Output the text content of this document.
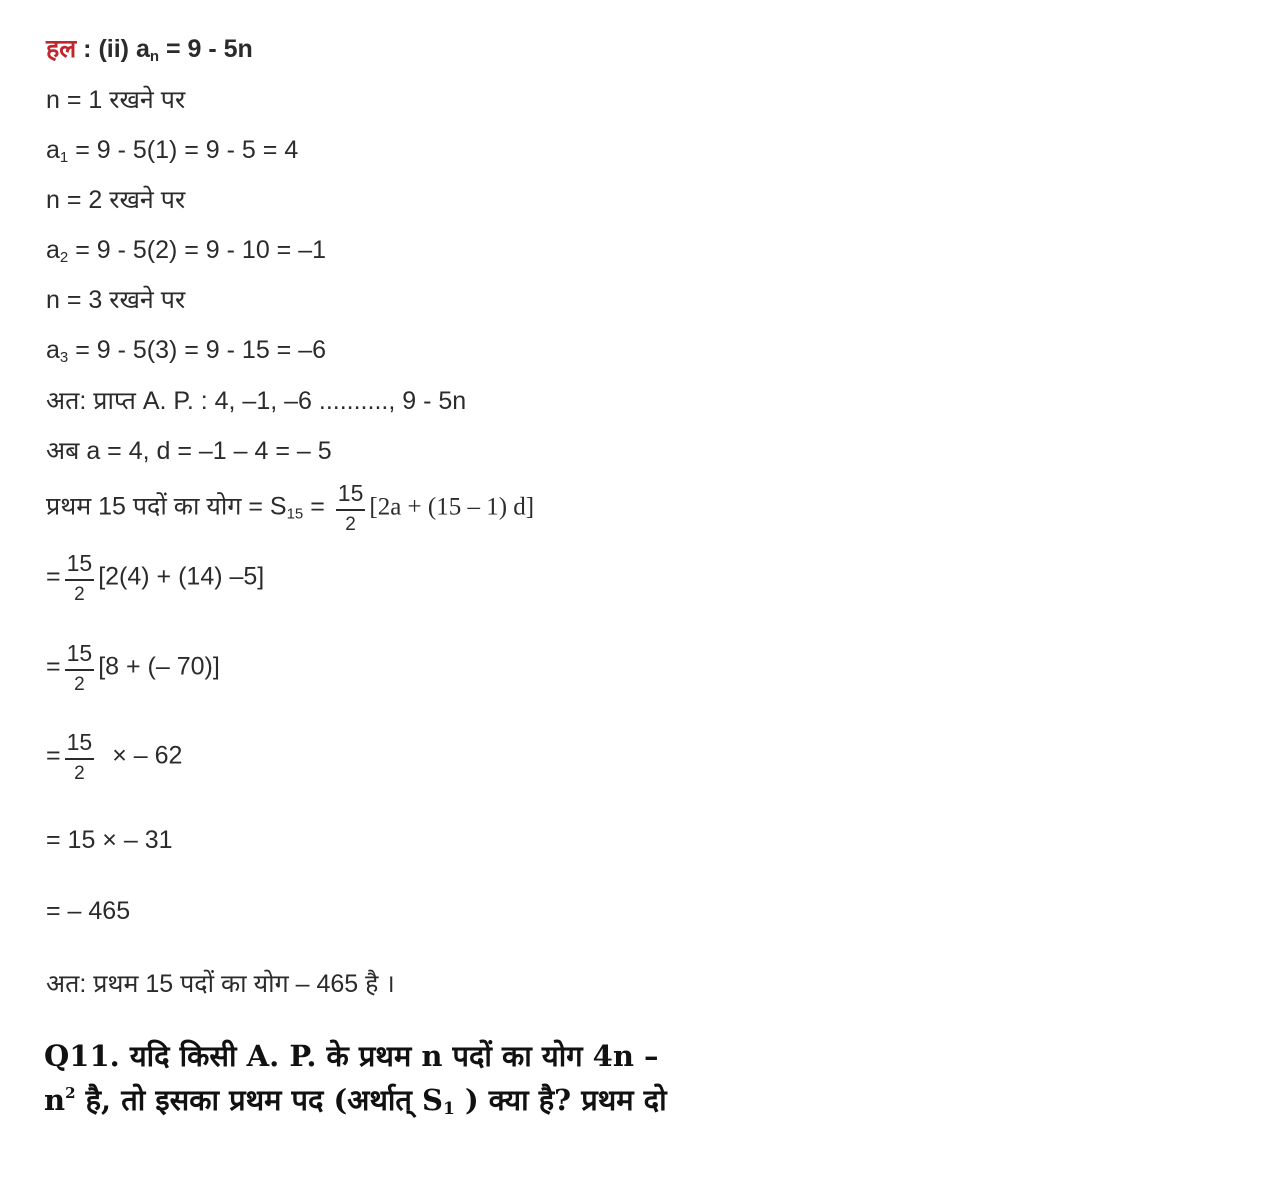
हल : (ii) $a_n = 9 - 5n$
n = 1 रखने पर
$a_1 = 9 - 5(1) = 9 - 5 = 4$
n = 2 रखने पर
$a_2 = 9 - 5(2) = 9 - 10 = -1$
n = 3 रखने पर
$a_3 = 9 - 5(3) = 9 - 15 = -6$
अत: प्राप्त A. P. : 4, –1, –6 .........., 9 - 5n
अब a = 4, d = –1 – 4 = – 5
प्रथम 15 पदों का योग = $S_{15} = \frac{15}{2} [2a + (15 - 1)$ d]
= $\frac{15}{2} [2(4) + (14)$ –5]
= $\frac{15}{2} [8$ + (– 70)]
= $\frac{15}{2}$ × – 62
= 15 × – 31
= – 465
अत: प्रथम 15 पदों का योग – 465 है ।
Q11. यदि किसी A. P. के प्रथम n पदों का योग 4n –
$n^2$ है, तो इसका प्रथम पद (अर्थात् $S_1$ ) क्या है? प्रथम दो
